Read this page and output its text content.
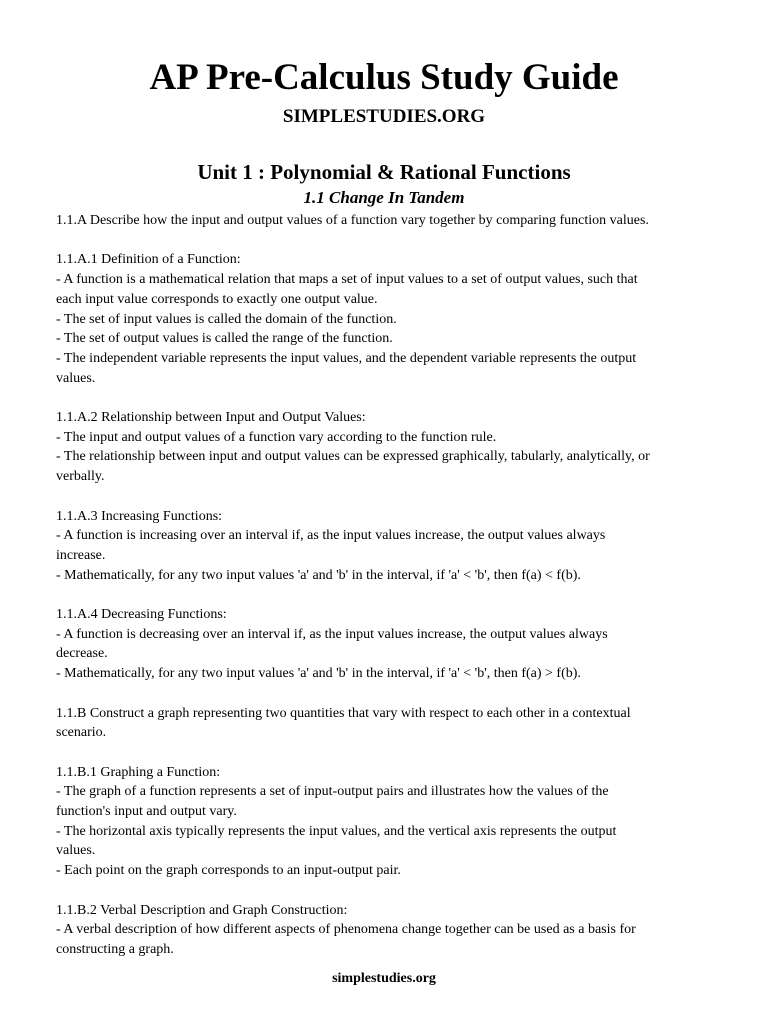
AP Pre-Calculus Study Guide
SIMPLESTUDIES.ORG
Unit 1 : Polynomial & Rational Functions
1.1 Change In Tandem
1.1.A Describe how the input and output values of a function vary together by comparing function values.
1.1.A.1 Definition of a Function:
- A function is a mathematical relation that maps a set of input values to a set of output values, such that
each input value corresponds to exactly one output value.
- The set of input values is called the domain of the function.
- The set of output values is called the range of the function.
- The independent variable represents the input values, and the dependent variable represents the output
values.
1.1.A.2 Relationship between Input and Output Values:
- The input and output values of a function vary according to the function rule.
- The relationship between input and output values can be expressed graphically, tabularly, analytically, or
verbally.
1.1.A.3 Increasing Functions:
- A function is increasing over an interval if, as the input values increase, the output values always
increase.
- Mathematically, for any two input values 'a' and 'b' in the interval, if 'a' < 'b', then f(a) < f(b).
1.1.A.4 Decreasing Functions:
- A function is decreasing over an interval if, as the input values increase, the output values always
decrease.
- Mathematically, for any two input values 'a' and 'b' in the interval, if 'a' < 'b', then f(a) > f(b).
1.1.B Construct a graph representing two quantities that vary with respect to each other in a contextual
scenario.
1.1.B.1 Graphing a Function:
- The graph of a function represents a set of input-output pairs and illustrates how the values of the
function's input and output vary.
- The horizontal axis typically represents the input values, and the vertical axis represents the output
values.
- Each point on the graph corresponds to an input-output pair.
1.1.B.2 Verbal Description and Graph Construction:
- A verbal description of how different aspects of phenomena change together can be used as a basis for
constructing a graph.
simplestudies.org
